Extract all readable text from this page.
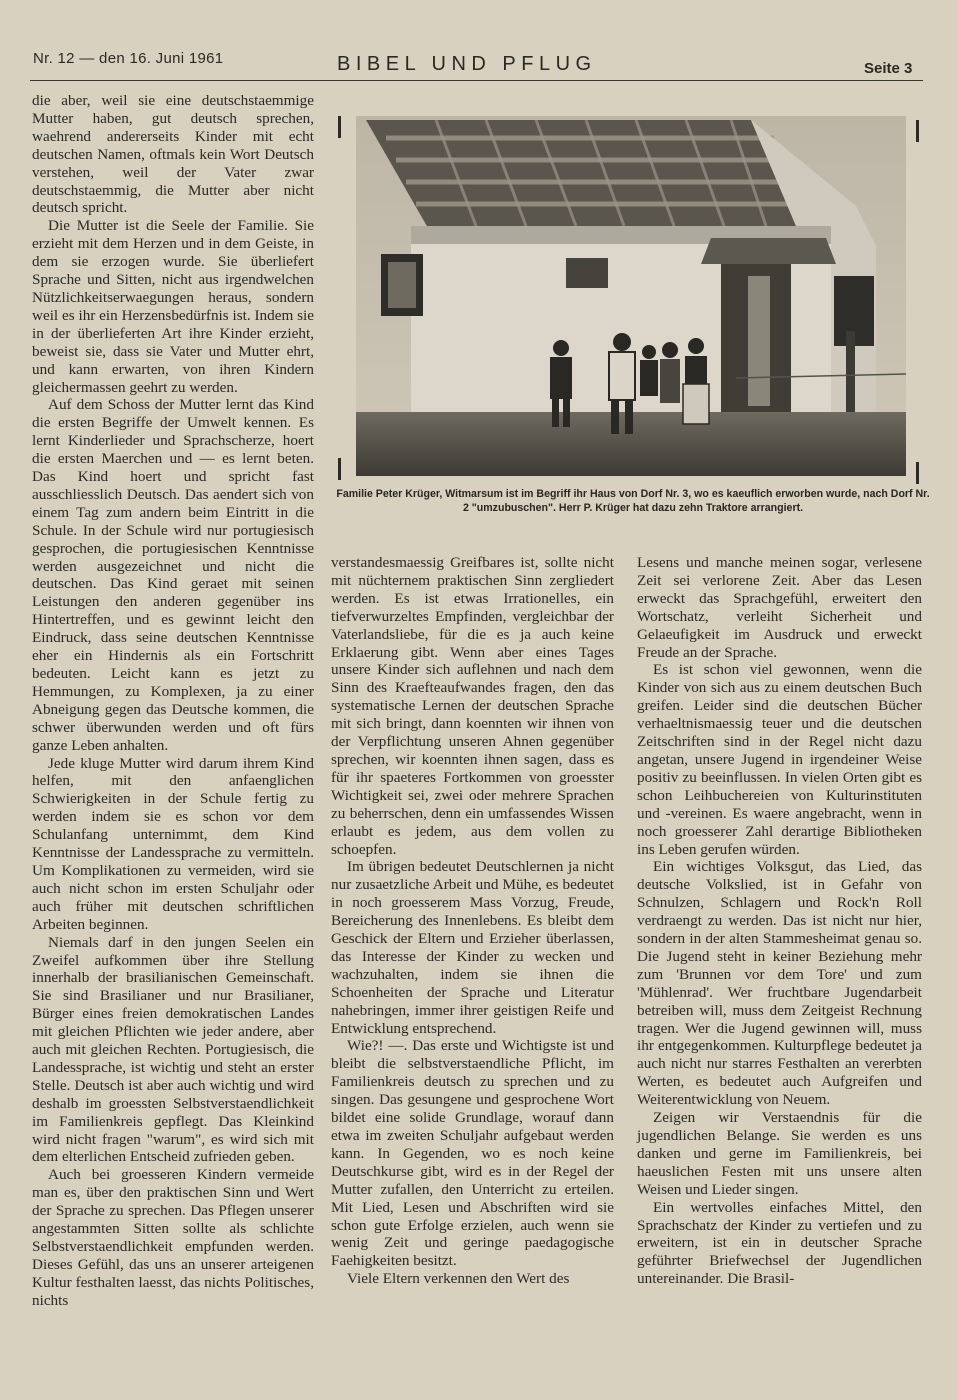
Nr. 12 — den 16. Juni 1961	BIBEL UND PFLUG	Seite 3

die aber, weil sie eine deutschstaemmige Mutter haben, gut deutsch sprechen, waehrend andererseits Kinder mit echt deutschen Namen, oftmals kein Wort Deutsch verstehen, weil der Vater zwar deutschstaemmig, die Mutter aber nicht deutsch spricht.

Die Mutter ist die Seele der Familie. Sie erzieht mit dem Herzen und in dem Geiste, in dem sie erzogen wurde. Sie überliefert Sprache und Sitten, nicht aus irgendwelchen Nützlichkeitserwaegungen heraus, sondern weil es ihr ein Herzensbedürfnis ist. Indem sie in der überlieferten Art ihre Kinder erzieht, beweist sie, dass sie Vater und Mutter ehrt, und kann erwarten, von ihren Kindern gleichermassen geehrt zu werden.

Auf dem Schoss der Mutter lernt das Kind die ersten Begriffe der Umwelt kennen. Es lernt Kinderlieder und Sprachscherze, hoert die ersten Maerchen und — es lernt beten. Das Kind hoert und spricht fast ausschliesslich Deutsch. Das aendert sich von einem Tag zum andern beim Eintritt in die Schule. In der Schule wird nur portugiesisch gesprochen, die portugiesischen Kenntnisse werden ausgezeichnet und nicht die deutschen. Das Kind geraet mit seinen Leistungen den anderen gegenüber ins Hintertreffen, und es gewinnt leicht den Eindruck, dass seine deutschen Kenntnisse eher ein Hindernis als ein Fortschritt bedeuten. Leicht kann es jetzt zu Hemmungen, zu Komplexen, ja zu einer Abneigung gegen das Deutsche kommen, die schwer überwunden werden und oft fürs ganze Leben anhalten.

Jede kluge Mutter wird darum ihrem Kind helfen, mit den anfaenglichen Schwierigkeiten in der Schule fertig zu werden indem sie es schon vor dem Schulanfang unternimmt, dem Kind Kenntnisse der Landessprache zu vermitteln. Um Komplikationen zu vermeiden, wird sie auch nicht schon im ersten Schuljahr oder auch früher mit deutschen schriftlichen Arbeiten beginnen.

Niemals darf in den jungen Seelen ein Zweifel aufkommen über ihre Stellung innerhalb der brasilianischen Gemeinschaft. Sie sind Brasilianer und nur Brasilianer, Bürger eines freien demokratischen Landes mit gleichen Pflichten wie jeder andere, aber auch mit gleichen Rechten. Portugiesisch, die Landessprache, ist wichtig und steht an erster Stelle. Deutsch ist aber auch wichtig und wird deshalb im groessten Selbstverstaendlichkeit im Familienkreis gepflegt. Das Kleinkind wird nicht fragen "warum", es wird sich mit dem elterlichen Entscheid zufrieden geben.

Auch bei groesseren Kindern vermeide man es, über den praktischen Sinn und Wert der Sprache zu sprechen. Das Pflegen unserer angestammten Sitten sollte als schlichte Selbstverstaendlichkeit empfunden werden. Dieses Gefühl, das uns an unserer arteigenen Kultur festhalten laesst, das nichts Politisches, nichts

Familie Peter Krüger, Witmarsum ist im Begriff ihr Haus von Dorf Nr. 3, wo es kaeuflich erworben wurde, nach Dorf Nr. 2 "umzubuschen". Herr P. Krüger hat dazu zehn Traktore arrangiert.

verstandesmaessig Greifbares ist, sollte nicht mit nüchternem praktischen Sinn zergliedert werden. Es ist etwas Irrationelles, ein tiefverwurzeltes Empfinden, vergleichbar der Vaterlandsliebe, für die es ja auch keine Erklaerung gibt. Wenn aber eines Tages unsere Kinder sich auflehnen und nach dem Sinn des Kraefteaufwandes fragen, den das systematische Lernen der deutschen Sprache mit sich bringt, dann koennten wir ihnen von der Verpflichtung unseren Ahnen gegenüber sprechen, wir koennten ihnen sagen, dass es für ihr spaeteres Fortkommen von groesster Wichtigkeit sei, zwei oder mehrere Sprachen zu beherrschen, denn ein umfassendes Wissen erlaubt es jedem, aus dem vollen zu schoepfen.

Im übrigen bedeutet Deutschlernen ja nicht nur zusaetzliche Arbeit und Mühe, es bedeutet in noch groesserem Mass Vorzug, Freude, Bereicherung des Innenlebens. Es bleibt dem Geschick der Eltern und Erzieher überlassen, das Interesse der Kinder zu wecken und wachzuhalten, indem sie ihnen die Schoenheiten der Sprache und Literatur nahebringen, immer ihrer geistigen Reife und Entwicklung entsprechend.

Wie?! —. Das erste und Wichtigste ist und bleibt die selbstverstaendliche Pflicht, im Familienkreis deutsch zu sprechen und zu singen. Das gesungene und gesprochene Wort bildet eine solide Grundlage, worauf dann etwa im zweiten Schuljahr aufgebaut werden kann. In Gegenden, wo es noch keine Deutschkurse gibt, wird es in der Regel der Mutter zufallen, den Unterricht zu erteilen. Mit Lied, Lesen und Abschriften wird sie schon gute Erfolge erzielen, auch wenn sie wenig Zeit und geringe paedagogische Faehigkeiten besitzt.

Viele Eltern verkennen den Wert des

Lesens und manche meinen sogar, verlesene Zeit sei verlorene Zeit. Aber das Lesen erweckt das Sprachgefühl, erweitert den Wortschatz, verleiht Sicherheit und Gelaeufigkeit im Ausdruck und erweckt Freude an der Sprache.

Es ist schon viel gewonnen, wenn die Kinder von sich aus zu einem deutschen Buch greifen. Leider sind die deutschen Bücher verhaeltnismaessig teuer und die deutschen Zeitschriften sind in der Regel nicht dazu angetan, unsere Jugend in irgendeiner Weise positiv zu beeinflussen. In vielen Orten gibt es schon Leihbuchereien von Kulturinstituten und -vereinen. Es waere angebracht, wenn in noch groesserer Zahl derartige Bibliotheken ins Leben gerufen würden.

Ein wichtiges Volksgut, das Lied, das deutsche Volkslied, ist in Gefahr von Schnulzen, Schlagern und Rock'n Roll verdraengt zu werden. Das ist nicht nur hier, sondern in der alten Stammesheimat genau so. Die Jugend steht in keiner Beziehung mehr zum 'Brunnen vor dem Tore' und zum 'Mühlenrad'. Wer fruchtbare Jugendarbeit betreiben will, muss dem Zeitgeist Rechnung tragen. Wer die Jugend gewinnen will, muss ihr entgegenkommen. Kulturpflege bedeutet ja auch nicht nur starres Festhalten an vererbten Werten, es bedeutet auch Aufgreifen und Weiterentwicklung von Neuem.

Zeigen wir Verstaendnis für die jugendlichen Belange. Sie werden es uns danken und gerne im Familienkreis, bei haeuslichen Festen mit uns unsere alten Weisen und Lieder singen.

Ein wertvolles einfaches Mittel, den Sprachschatz der Kinder zu vertiefen und zu erweitern, ist ein in deutscher Sprache geführter Briefwechsel der Jugendlichen untereinander. Die Brasil-
